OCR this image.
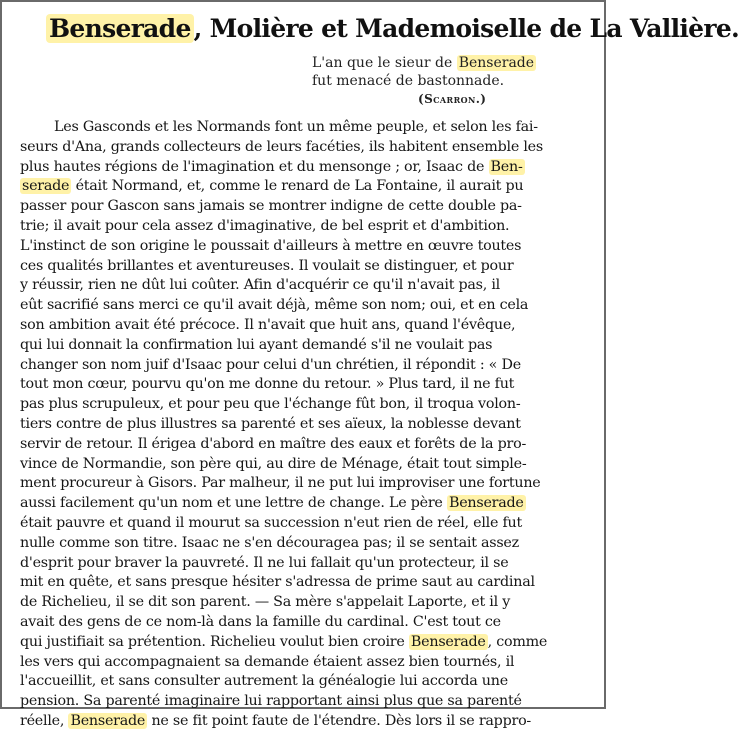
Benserade , Molière et Mademoiselle de La Vallière.
L'an que le sieur de Benserade
fut menacé de bastonnade.
(Scarron.)
Les Gasconds et les Normands font un même peuple, et selon les fai-
seurs d'Ana, grands collecteurs de leurs facéties, ils habitent ensemble les
plus hautes régions de l'imagination et du mensonge ; or, Isaac de Ben-
serade était Normand, et, comme le renard de La Fontaine, il aurait pu
passer pour Gascon sans jamais se montrer indigne de cette double pa-
trie; il avait pour cela assez d'imaginative, de bel esprit et d'ambition.
L'instinct de son origine le poussait d'ailleurs à mettre en œuvre toutes
ces qualités brillantes et aventureuses. Il voulait se distinguer, et pour
y réussir, rien ne dût lui coûter. Afin d'acquérir ce qu'il n'avait pas, il
eût sacrifié sans merci ce qu'il avait déjà, même son nom; oui, et en cela
son ambition avait été précoce. Il n'avait que huit ans, quand l'évêque,
qui lui donnait la confirmation lui ayant demandé s'il ne voulait pas
changer son nom juif d'Isaac pour celui d'un chrétien, il répondit : « De
tout mon cœur, pourvu qu'on me donne du retour. » Plus tard, il ne fut
pas plus scrupuleux, et pour peu que l'échange fût bon, il troqua volon-
tiers contre de plus illustres sa parenté et ses aïeux, la noblesse devant
servir de retour. Il érigea d'abord en maître des eaux et forêts de la pro-
vince de Normandie, son père qui, au dire de Ménage, était tout simple-
ment procureur à Gisors. Par malheur, il ne put lui improviser une fortune
aussi facilement qu'un nom et une lettre de change. Le père Benserade
était pauvre et quand il mourut sa succession n'eut rien de réel, elle fut
nulle comme son titre. Isaac ne s'en découragea pas; il se sentait assez
d'esprit pour braver la pauvreté. Il ne lui fallait qu'un protecteur, il se
mit en quête, et sans presque hésiter s'adressa de prime saut au cardinal
de Richelieu, il se dit son parent. — Sa mère s'appelait Laporte, et il y
avait des gens de ce nom-là dans la famille du cardinal. C'est tout ce
qui justifiait sa prétention. Richelieu voulut bien croire Benserade , comme
les vers qui accompagnaient sa demande étaient assez bien tournés, il
l'accueillit, et sans consulter autrement la généalogie lui accorda une
pension. Sa parenté imaginaire lui rapportant ainsi plus que sa parenté
réelle, Benserade ne se fit point faute de l'étendre. Dès lors il se rappro-
